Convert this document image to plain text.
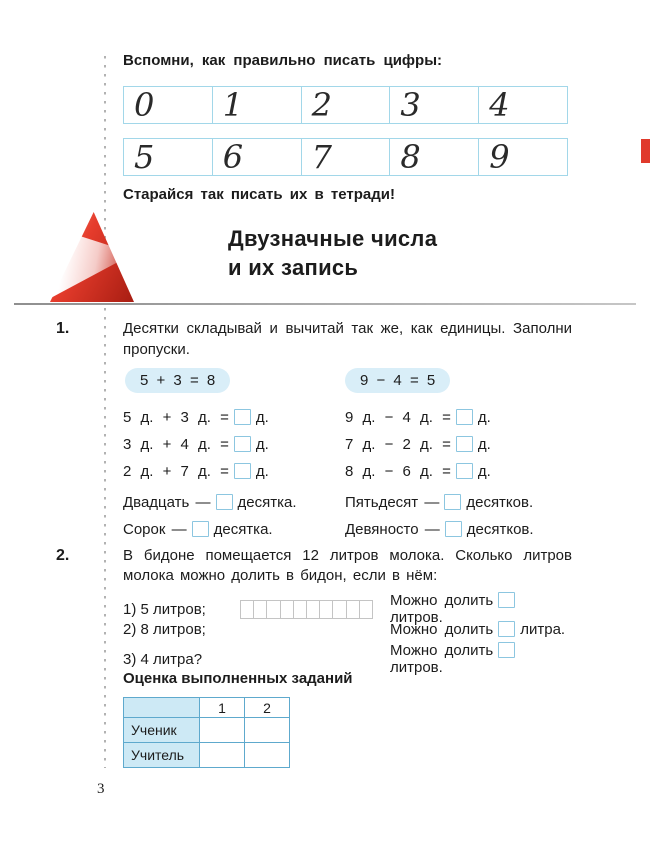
Вспомни, как правильно писать цифры:
0	1	2	3	4
5	6	7	8	9
Старайся так писать их в тетради!
Двузначные числа
и их запись
1.	Десятки складывай и вычитай так же, как единицы. Заполни пропуски.
5 + 3 = 8	9 − 4 = 5
5 д. + 3 д. = д.	9 д. − 4 д. = д.
3 д. + 4 д. = д.	7 д. − 2 д. = д.
2 д. + 7 д. = д.	8 д. − 6 д. = д.
Двадцать — десятка.	Пятьдесят — десятков.
Сорок — десятка.	Девяносто — десятков.
2.	В бидоне помещается 12 литров молока. Сколько литров молока можно долить в бидон, если в нём:
1) 5 литров;	Можно долитьлитров.
2) 8 литров;	Можно долить литра.
3) 4 литра?	Можно долитьлитров.
Оценка выполненных заданий
	1	2
Ученик		
Учитель		
3
